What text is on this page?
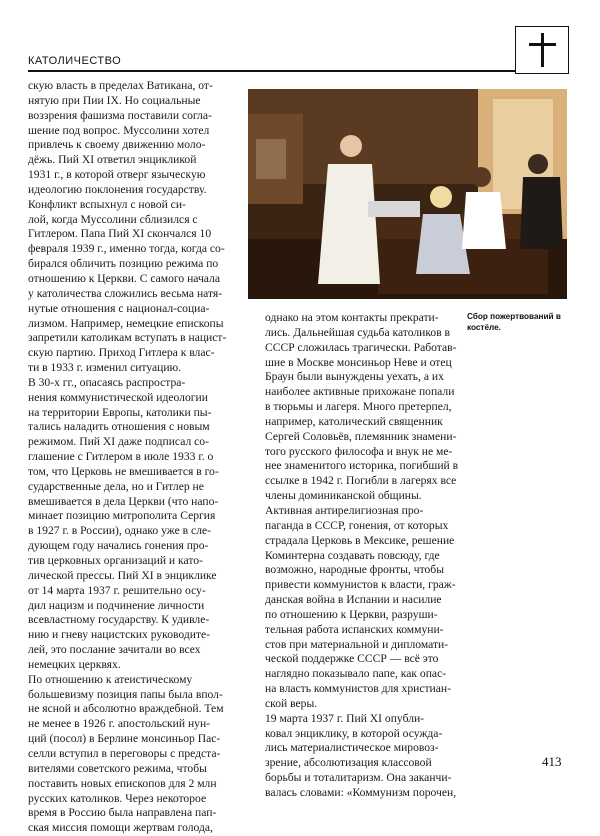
КАТОЛИЧЕСТВО
скую власть в пределах Ватикана, от-
нятую при Пии IX. Но социальные
воззрения фашизма поставили согла-
шение под вопрос. Муссолини хотел
привлечь к своему движению моло-
дёжь. Пий XI ответил энцикликой
1931 г., в которой отверг языческую
идеологию поклонения государству.
Конфликт вспыхнул с новой си-
лой, когда Муссолини сблизился с
Гитлером. Папа Пий XI скончался 10
февраля 1939 г., именно тогда, когда со-
бирался обличить позицию режима по
отношению к Церкви. С самого начала
у католичества сложились весьма натя-
нутые отношения с национал-социа-
лизмом. Например, немецкие епископы
запретили католикам вступать в нацист-
скую партию. Приход Гитлера к влас-
ти в 1933 г. изменил ситуацию.
В 30-х гг., опасаясь распростра-
нения коммунистической идеологии
на территории Европы, католики пы-
тались наладить отношения с новым
режимом. Пий XI даже подписал со-
глашение с Гитлером в июле 1933 г. о
том, что Церковь не вмешивается в го-
сударственные дела, но и Гитлер не
вмешивается в дела Церкви (что напо-
минает позицию митрополита Сергия
в 1927 г. в России), однако уже в сле-
дующем году начались гонения про-
тив церковных организаций и като-
лической прессы. Пий XI в энциклике
от 14 марта 1937 г. решительно осу-
дил нацизм и подчинение личности
всевластному государству. К удивле-
нию и гневу нацистских руководите-
лей, это послание зачитали во всех
немецких церквях.
По отношению к атеистическому
большевизму позиция папы была впол-
не ясной и абсолютно враждебной. Тем
не менее в 1926 г. апостольский нун-
ций (посол) в Берлине монсиньор Пас-
селли вступил в переговоры с предста-
вителями советского режима, чтобы
поставить новых епископов для 2 млн
русских католиков. Через некоторое
время в Россию была направлена пап-
ская миссия помощи жертвам голода,
Сбор пожертвований в костёле.
однако на этом контакты прекрати-
лись. Дальнейшая судьба католиков в
СССР сложилась трагически. Работав-
шие в Москве монсиньор Неве и отец
Браун были вынуждены уехать, а их
наиболее активные прихожане попали
в тюрьмы и лагеря. Много претерпел,
например, католический священник
Сергей Соловьёв, племянник знамени-
того русского философа и внук не ме-
нее знаменитого историка, погибший в
ссылке в 1942 г. Погибли в лагерях все
члены доминиканской общины.
Активная антирелигиозная про-
паганда в СССР, гонения, от которых
страдала Церковь в Мексике, решение
Коминтерна создавать повсюду, где
возможно, народные фронты, чтобы
привести коммунистов к власти, граж-
данская война в Испании и насилие
по отношению к Церкви, разруши-
тельная работа испанских коммуни-
стов при материальной и дипломати-
ческой поддержке СССР — всё это
наглядно показывало папе, как опас-
на власть коммунистов для христиан-
ской веры.
19 марта 1937 г. Пий XI опубли-
ковал энциклику, в которой осужда-
лись материалистическое мировоз-
зрение, абсолютизация классовой
борьбы и тоталитаризм. Она заканчи-
валась словами: «Коммунизм порочен,
413
